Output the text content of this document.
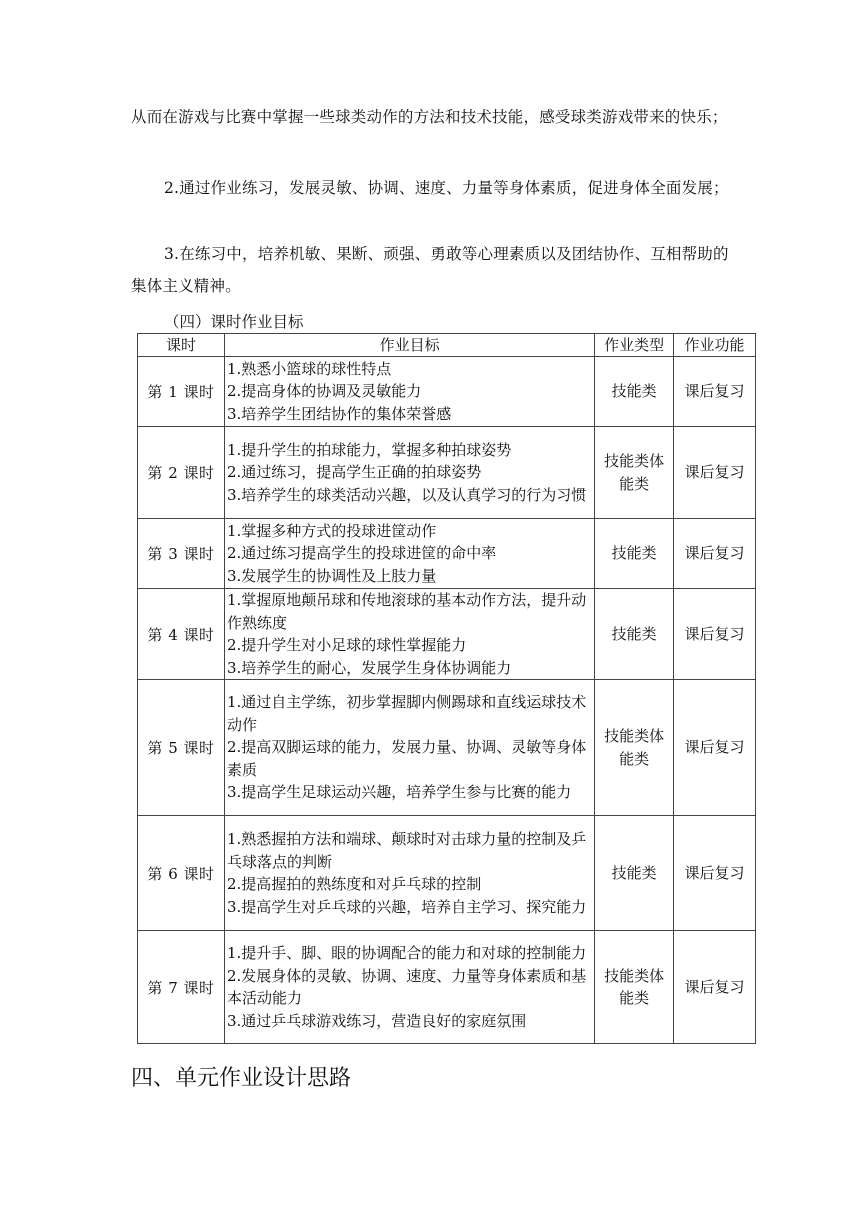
从而在游戏与比赛中掌握一些球类动作的方法和技术技能，感受球类游戏带来的快乐；

2.通过作业练习，发展灵敏、协调、速度、力量等身体素质，促进身体全面发展；

3.在练习中，培养机敏、果断、顽强、勇敢等心理素质以及团结协作、互相帮助的集体主义精神。

（四）课时作业目标
课时	作业目标	作业类型	作业功能
第 1 课时	1.熟悉小篮球的球性特点
2.提高身体的协调及灵敏能力
3.培养学生团结协作的集体荣誉感	技能类	课后复习
第 2 课时	1.提升学生的拍球能力，掌握多种拍球姿势
2.通过练习，提高学生正确的拍球姿势
3.培养学生的球类活动兴趣，以及认真学习的行为习惯	技能类体能类	课后复习
第 3 课时	1.掌握多种方式的投球进筐动作
2.通过练习提高学生的投球进筐的命中率
3.发展学生的协调性及上肢力量	技能类	课后复习
第 4 课时	1.掌握原地颠吊球和传地滚球的基本动作方法，提升动作熟练度
2.提升学生对小足球的球性掌握能力
3.培养学生的耐心，发展学生身体协调能力	技能类	课后复习
第 5 课时	1.通过自主学练，初步掌握脚内侧踢球和直线运球技术动作
2.提高双脚运球的能力，发展力量、协调、灵敏等身体素质
3.提高学生足球运动兴趣，培养学生参与比赛的能力	技能类体能类	课后复习
第 6 课时	1.熟悉握拍方法和端球、颠球时对击球力量的控制及乒乓球落点的判断
2.提高握拍的熟练度和对乒乓球的控制
3.提高学生对乒乓球的兴趣，培养自主学习、探究能力	技能类	课后复习
第 7 课时	1.提升手、脚、眼的协调配合的能力和对球的控制能力
2.发展身体的灵敏、协调、速度、力量等身体素质和基本活动能力
3.通过乒乓球游戏练习，营造良好的家庭氛围	技能类体能类	课后复习
四、单元作业设计思路
